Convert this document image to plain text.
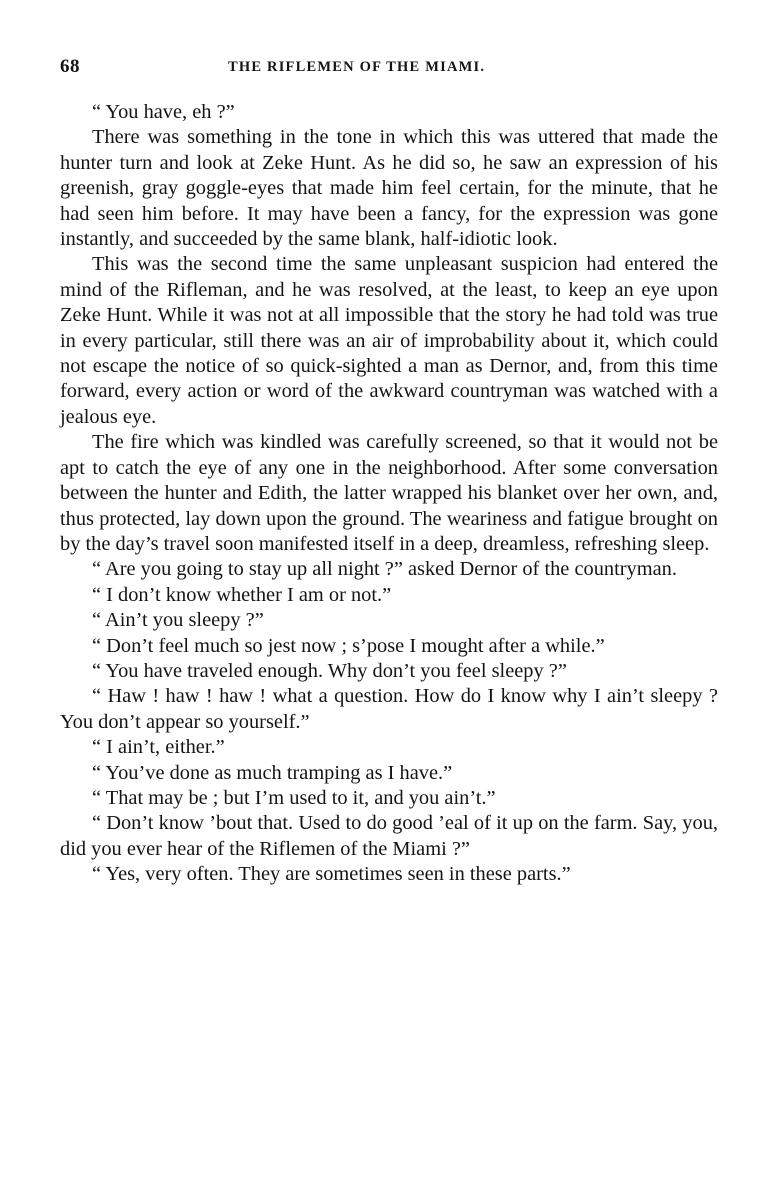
68	THE RIFLEMEN OF THE MIAMI.

“ You have, eh ?”

There was something in the tone in which this was uttered that made the hunter turn and look at Zeke Hunt. As he did so, he saw an expression of his greenish, gray goggle-eyes that made him feel certain, for the minute, that he had seen him before. It may have been a fancy, for the expression was gone instantly, and succeeded by the same blank, half-idiotic look.

This was the second time the same unpleasant suspicion had entered the mind of the Rifleman, and he was resolved, at the least, to keep an eye upon Zeke Hunt. While it was not at all impossible that the story he had told was true in every particular, still there was an air of improbability about it, which could not escape the notice of so quick-sighted a man as Dernor, and, from this time forward, every action or word of the awkward countryman was watched with a jealous eye.

The fire which was kindled was carefully screened, so that it would not be apt to catch the eye of any one in the neighborhood. After some conversation between the hunter and Edith, the latter wrapped his blanket over her own, and, thus protected, lay down upon the ground. The weariness and fatigue brought on by the day’s travel soon manifested itself in a deep, dreamless, refreshing sleep.

“ Are you going to stay up all night ?” asked Dernor of the countryman.

“ I don’t know whether I am or not.”

“ Ain’t you sleepy ?”

“ Don’t feel much so jest now ; s’pose I mought after a while.”

“ You have traveled enough. Why don’t you feel sleepy ?”

“ Haw ! haw ! haw ! what a question. How do I know why I ain’t sleepy ? You don’t appear so yourself.”

“ I ain’t, either.”

“ You’ve done as much tramping as I have.”

“ That may be ; but I’m used to it, and you ain’t.”

“ Don’t know ’bout that. Used to do good ’eal of it up on the farm. Say, you, did you ever hear of the Riflemen of the Miami ?”

“ Yes, very often. They are sometimes seen in these parts.”
